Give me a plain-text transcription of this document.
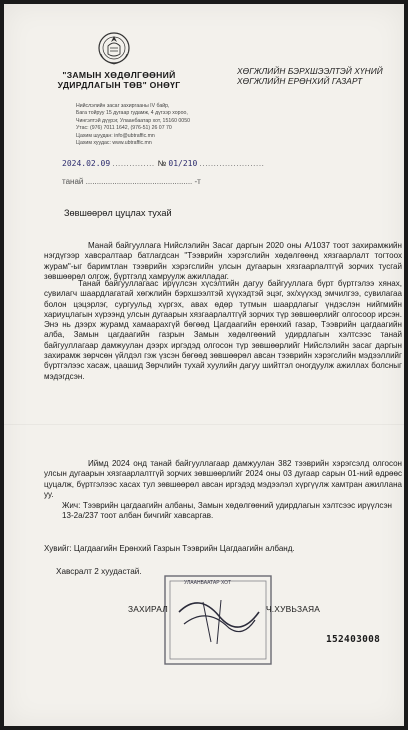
"ЗАМЫН ХӨДӨЛГӨӨНИЙ
УДИРДЛАГЫН ТӨВ" ОНӨҮГ
Нийслэлийн засаг захиргааны IV байр,
Бага тойруу 15 дугаар гудамж, 4 дүгээр хороо,
Чингэлтэй дүүрэг, Улаанбаатар хот, 15160 0050
Утас: (976) 7011 1642, (976-51) 26 07 70
Цахим шуудан: info@ubtraffic.mn
Цахим хуудас: www.ubtraffic.mn
ХӨГЖЛИЙН БЭРХШЭЭЛТЭЙ ХҮНИЙ
ХӨГЖЛИЙН ЕРӨНХИЙ ГАЗАРТ
2024.02.09 ............... № 01/210 .......................
танай ................................................ -т
Зөвшөөрөл цуцлах тухай
Манай байгууллага Нийслэлийн Засаг даргын 2020 оны А/1037 тоот захирамжийн нэгдүгээр хавсралтаар батлагдсан "Тээврийн хэрэгслийн хөдөлгөөнд хязгаарлалт тогтоох журам"-ыг баримтлан тээврийн хэрэгслийн улсын дугаарын хязгаарлалтгүй зорчих тусгай зөвшөөрөл олгож, бүртгэлд хамруулж ажилладаг.
Танай байгууллагаас ирүүлсэн хүсэлтийн дагуу байгууллага бүрт бүртгэлээ хянах, сувилагч шаардлагатай хөгжлийн бэрхшээлтэй хүүхэдтэй эцэг, эх/хүүхэд эмчилгээ, сувилагаа болон цэцэрлэг, сургуульд хүргэх, авах өдөр тутмын шаардлагыг үндэслэн нийгмийн хариуцлагын хүрээнд улсын дугаарын хязгаарлалтгүй зорчих түр зөвшөөрлийг олгосоор ирсэн. Энэ нь дээрх журамд хамаарахгүй бөгөөд Цагдаагийн ерөнхий газар, Тээврийн цагдаагийн алба, Замын цагдаагийн газрын Замын хөдөлгөөний удирдлагын хэлтсээс танай байгууллагаар дамжуулан дээрх иргэдэд олгосон түр зөвшөөрлийг Нийслэлийн засаг даргын захирамж зөрчсөн үйлдэл гэж үзсэн бөгөөд зөвшөөрөл авсан тээврийн хэрэгслийн мэдээллийг бүртгэлээс хасаж, цаашид Зөрчлийн тухай хуулийн дагуу шийтгэл оногдуулж ажиллах болсныг мэдэгдсэн.
Иймд 2024 онд танай байгууллагаар дамжуулан 382 тээврийн хэрэгсэлд олгосон улсын дугаарын хязгаарлалтгүй зорчих зөвшөөрлийг 2024 оны 03 дугаар сарын 01-ний өдрөөс цуцалж, бүртгэлээс хасах тул зөвшөөрөл авсан иргэдэд мэдээлэл хүргүүлж хамтран ажиллана уу.
Жич: Тээврийн цагдаагийн албаны, Замын хөдөлгөөний удирдлагын хэлтсээс ирүүлсэн 13-2а/237 тоот албан бичгийг хавсаргав.
Хувийг: Цагдаагийн Ерөнхий Газрын Тээврийн Цагдаагийн албанд.
Хавсралт 2 хуудастай.
УЛААНБААТАР ХОТ
ЗАХИРАЛ	Ч.ХУВЬЗАЯА
152403008
